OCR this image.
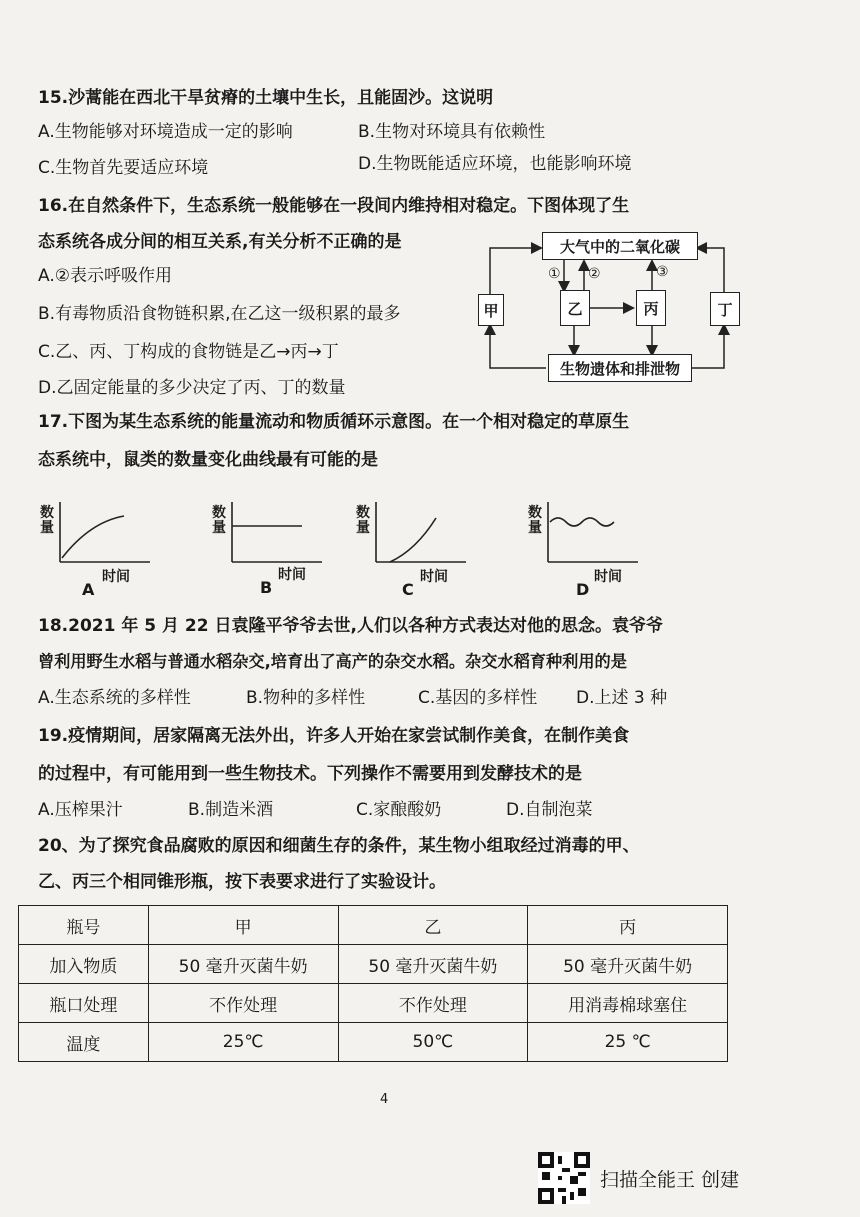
15.沙蒿能在西北干旱贫瘠的土壤中生长，且能固沙。这说明
A.生物能够对环境造成一定的影响	B.生物对环境具有依赖性
C.生物首先要适应环境	D.生物既能适应环境，也能影响环境
16.在自然条件下，生态系统一般能够在一段间内维持相对稳定。下图体现了生
态系统各成分间的相互关系,有关分析不正确的是
A.②表示呼吸作用
B.有毒物质沿食物链积累,在乙这一级积累的最多
C.乙、丙、丁构成的食物链是乙→丙→丁
D.乙固定能量的多少决定了丙、丁的数量
大气中的二氧化碳
生物遗体和排泄物
甲	乙	丙	丁
① ②	③
17.下图为某生态系统的能量流动和物质循环示意图。在一个相对稳定的草原生
态系统中，鼠类的数量变化曲线最有可能的是
数量
时间
A
数量
时间
B
数量
时间
C
数量
时间
D
18.2021 年 5 月 22 日袁隆平爷爷去世,人们以各种方式表达对他的思念。袁爷爷
曾利用野生水稻与普通水稻杂交,培育出了高产的杂交水稻。杂交水稻育种利用的是
A.生态系统的多样性	B.物种的多样性	C.基因的多样性 D.上述 3 种
19.疫情期间，居家隔离无法外出，许多人开始在家尝试制作美食，在制作美食
的过程中，有可能用到一些生物技术。下列操作不需要用到发酵技术的是
A.压榨果汁	B.制造米酒	C.家酿酸奶	D.自制泡菜
20、为了探究食品腐败的原因和细菌生存的条件，某生物小组取经过消毒的甲、
乙、丙三个相同锥形瓶，按下表要求进行了实验设计。
瓶号	甲	乙	丙
加入物质	50 毫升灭菌牛奶	50 毫升灭菌牛奶	50 毫升灭菌牛奶
瓶口处理	不作处理	不作处理	用消毒棉球塞住
温度	25℃	50℃	25 ℃
4
扫描全能王 创建
